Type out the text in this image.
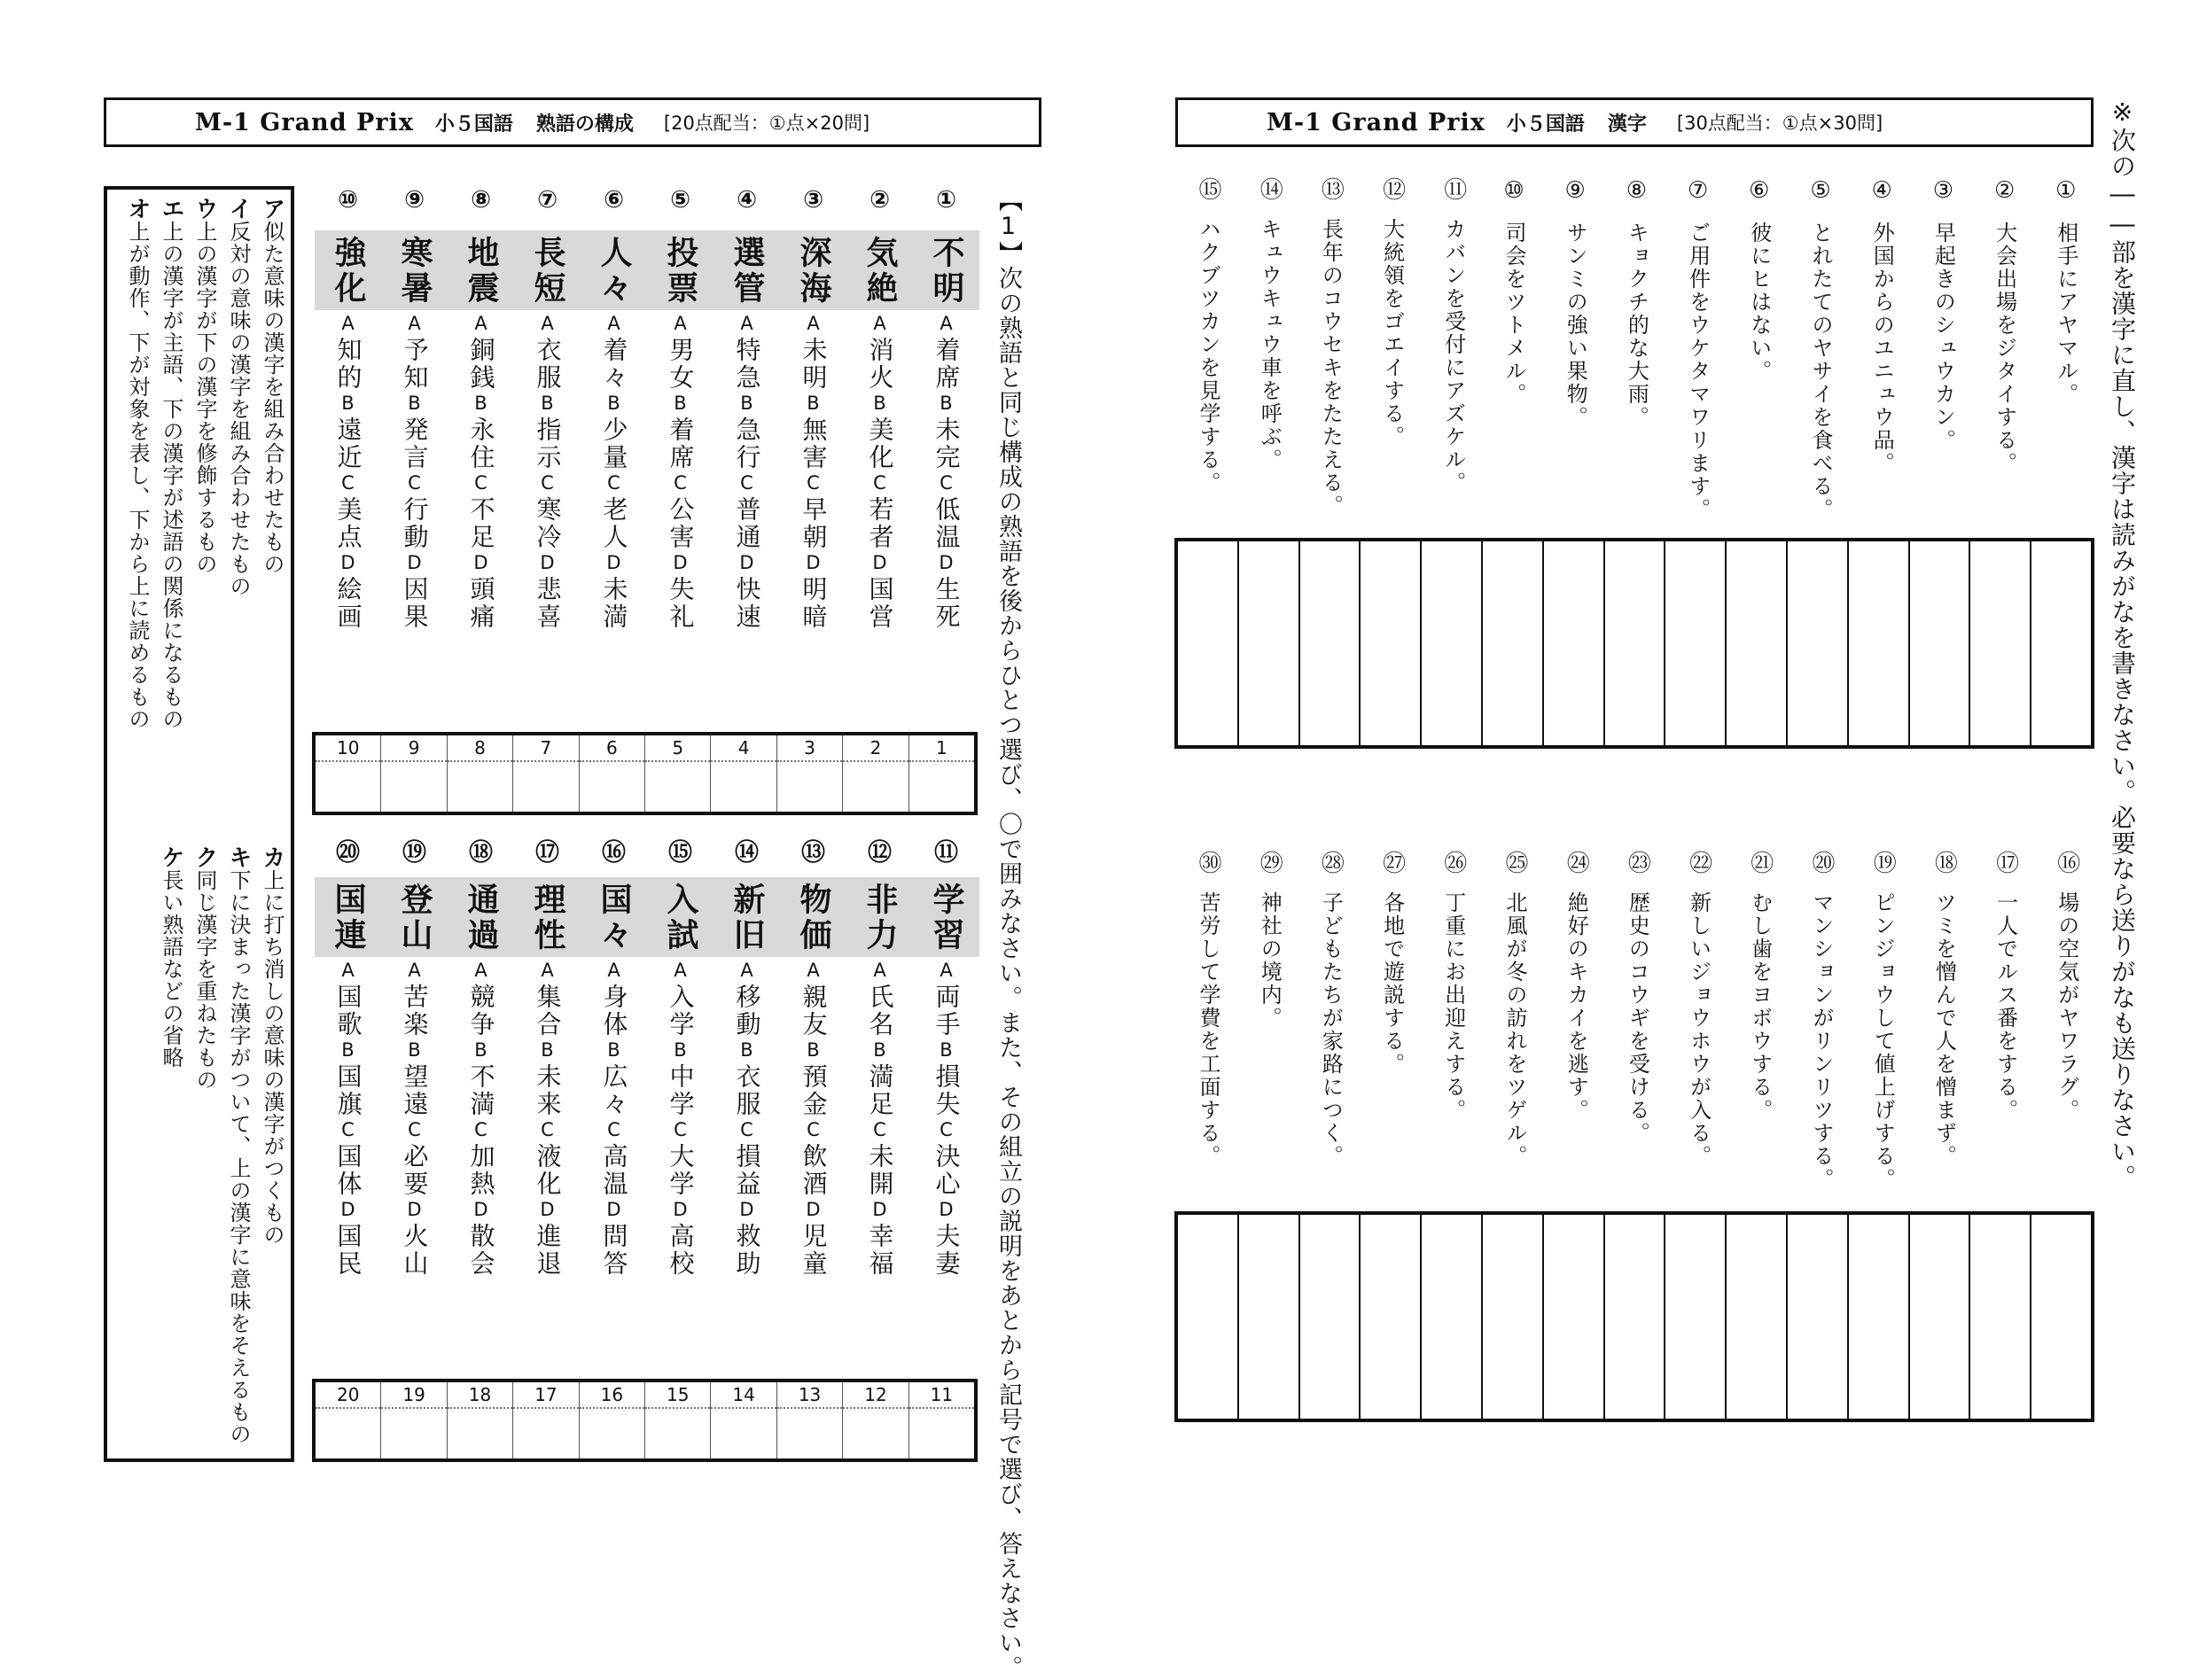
M-1 Grand Prix 小５国語 熟語の構成 [20点配当：①点×20問]
【1】次の熟語と同じ構成の熟語を後からひとつ選び、〇で囲みなさい。また、その組立の説明をあとから記号で選び、答えなさい。
①
不明
A
着席
B
未完
C
低温
D
生死
②
気絶
A
消火
B
美化
C
若者
D
国営
③
深海
A
未明
B
無害
C
早朝
D
明暗
④
選管
A
特急
B
急行
C
普通
D
快速
⑤
投票
A
男女
B
着席
C
公害
D
失礼
⑥
人々
A
着々
B
少量
C
老人
D
未満
⑦
長短
A
衣服
B
指示
C
寒冷
D
悲喜
⑧
地震
A
銅銭
B
永住
C
不足
D
頭痛
⑨
寒暑
A
予知
B
発言
C
行動
D
因果
⑩
強化
A
知的
B
遠近
C
美点
D
絵画
10	9	8	7	6	5	4	3	2	1
⑪
学習
A
両手
B
損失
C
決心
D
夫妻
⑫
非力
A
氏名
B
満足
C
未開
D
幸福
⑬
物価
A
親友
B
預金
C
飲酒
D
児童
⑭
新旧
A
移動
B
衣服
C
損益
D
救助
⑮
入試
A
入学
B
中学
C
大学
D
高校
⑯
国々
A
身体
B
広々
C
高温
D
問答
⑰
理性
A
集合
B
未来
C
液化
D
進退
⑱
通過
A
競争
B
不満
C
加熱
D
散会
⑲
登山
A
苦楽
B
望遠
C
必要
D
火山
⑳
国連
A
国歌
B
国旗
C
国体
D
国民
20	19	18	17	16	15	14	13	12	11
ア似た意味の漢字を組み合わせたもの
イ反対の意味の漢字を組み合わせたもの
ウ上の漢字が下の漢字を修飾するもの
エ上の漢字が主語、下の漢字が述語の関係になるもの
オ上が動作、下が対象を表し、下から上に読めるもの
カ上に打ち消しの意味の漢字がつくもの
キ下に決まった漢字がついて、上の漢字に意味をそえるもの
ク同じ漢字を重ねたもの
ケ長い熟語などの省略
M-1 Grand Prix 小５国語 漢字 [30点配当：①点×30問]	※次の――部を漢字に直し、漢字は読みがなを書きなさい。必要なら送りがなも送りなさい。
①相手にアヤマル。
②大会出場をジタイする。
③早起きのシュウカン。
④外国からのユニュウ品。
⑤とれたてのヤサイを食べる。
⑥彼にヒはない。
⑦ご用件をウケタマワリます。
⑧キョクチ的な大雨。
⑨サンミの強い果物。
⑩司会をツトメル。
⑪カバンを受付にアズケル。
⑫大統領をゴエイする。
⑬長年のコウセキをたたえる。
⑭キュウキュウ車を呼ぶ。
⑮ハクブツカンを見学する。
⑯場の空気がヤワラグ。
⑰一人でルス番をする。
⑱ツミを憎んで人を憎まず。
⑲ピンジョウして値上げする。
⑳マンションがリンリツする。
㉑むし歯をヨボウする。
㉒新しいジョウホウが入る。
㉓歴史のコウギを受ける。
㉔絶好のキカイを逃す。
㉕北風が冬の訪れをツゲル。
㉖丁重にお出迎えする。
㉗各地で遊説する。
㉘子どもたちが家路につく。
㉙神社の境内。
㉚苦労して学費を工面する。
